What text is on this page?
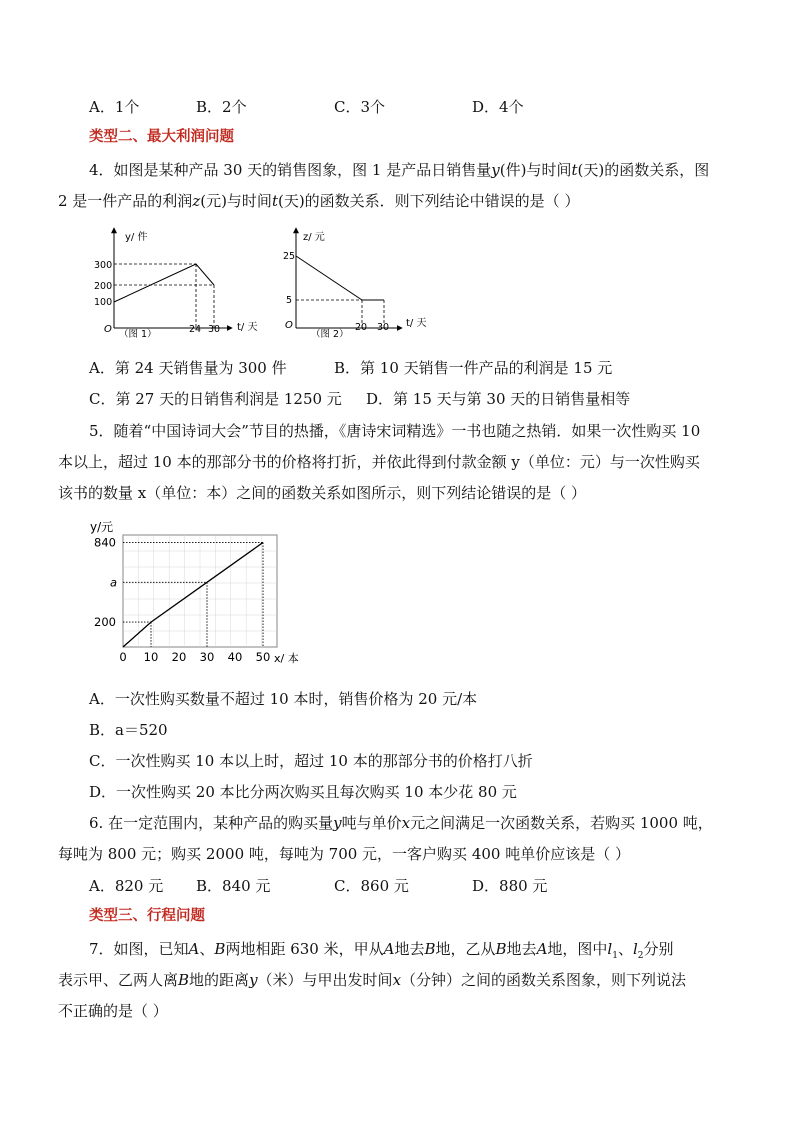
A．1个	B．2个	C．3个	D．4个
类型二、最大利润问题
4．如图是某种产品 30 天的销售图象，图 1 是产品日销售量y(件)与时间t(天)的函数关系，图
2 是一件产品的利润z(元)与时间t(天)的函数关系．则下列结论中错误的是（ ）
y/ 件
t/ 天
O （图 1）
300
200
100
24 30
z/ 元
t/ 天
O
（图 2）
25
5
20 30
A．第 24 天销售量为 300 件	B．第 10 天销售一件产品的利润是 15 元
C．第 27 天的日销售利润是 1250 元 D．第 15 天与第 30 天的日销售量相等
5．随着“中国诗词大会”节目的热播，《唐诗宋词精选》一书也随之热销．如果一次性购买 10
本以上，超过 10 本的那部分书的价格将打折，并依此得到付款金额 y（单位：元）与一次性购买
该书的数量 x（单位：本）之间的函数关系如图所示，则下列结论错误的是（ ）
y/元
x/ 本
840
a
200
0 10 20 30 40 50
A．一次性购买数量不超过 10 本时，销售价格为 20 元/本
B．a＝520
C．一次性购买 10 本以上时，超过 10 本的那部分书的价格打八折
D．一次性购买 20 本比分两次购买且每次购买 10 本少花 80 元
6. 在一定范围内，某种产品的购买量y吨与单价x元之间满足一次函数关系，若购买 1000 吨，
每吨为 800 元；购买 2000 吨，每吨为 700 元，一客户购买 400 吨单价应该是（ ）
A．820 元 B．840 元	C．860 元	D．880 元
类型三、行程问题
7．如图，已知A、B两地相距 630 米，甲从A地去B地，乙从B地去A地，图中$l_1$、$l_2$分别
表示甲、乙两人离B地的距离y（米）与甲出发时间x（分钟）之间的函数关系图象，则下列说法
不正确的是（ ）
